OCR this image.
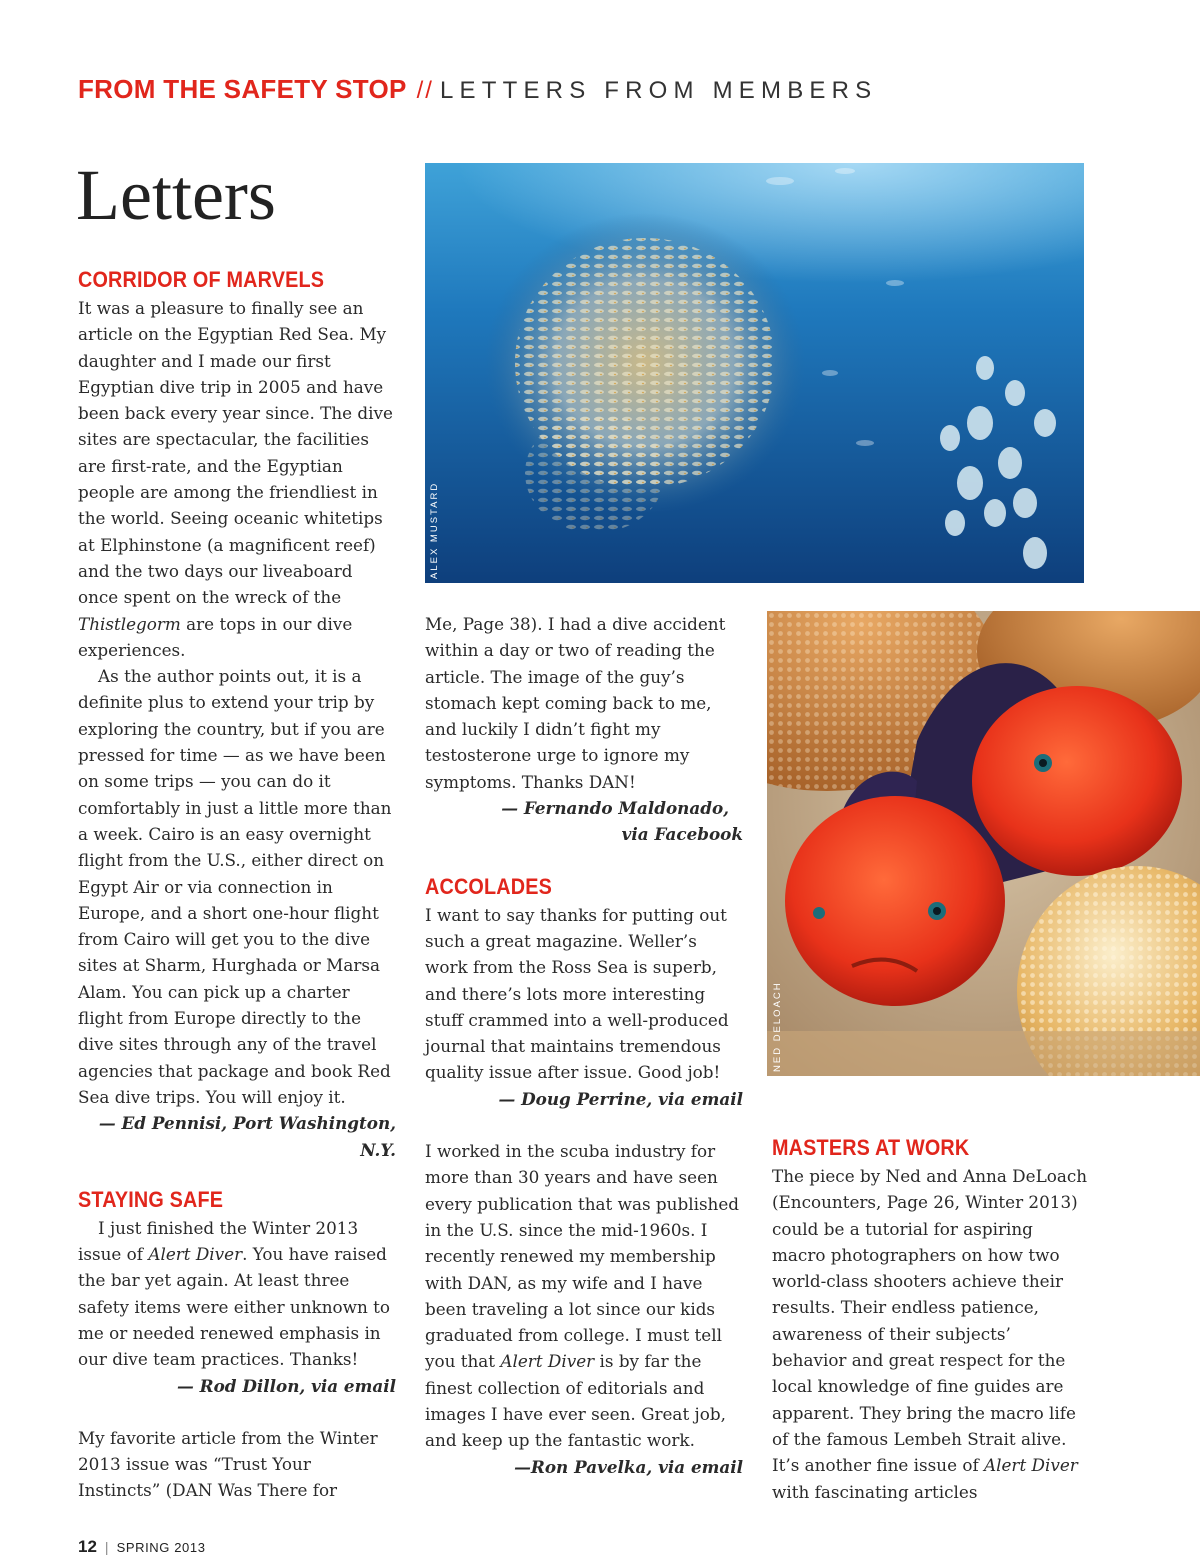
FROM THE SAFETY STOP // LETTERS FROM MEMBERS
Letters
ALEX MUSTARD
NED DELOACH
CORRIDOR OF MARVELS

It was a pleasure to finally see an article on the Egyptian Red Sea. My daughter and I made our first Egyptian dive trip in 2005 and have been back every year since. The dive sites are spectacular, the facilities are first-rate, and the Egyptian people are among the friendliest in the world. Seeing oceanic whitetips at Elphinstone (a magnificent reef) and the two days our liveaboard once spent on the wreck of the Thistlegorm are tops in our dive experiences.

As the author points out, it is a definite plus to extend your trip by exploring the country, but if you are pressed for time — as we have been on some trips — you can do it comfortably in just a little more than a week. Cairo is an easy overnight flight from the U.S., either direct on Egypt Air or via connection in Europe, and a short one-hour flight from Cairo will get you to the dive sites at Sharm, Hurghada or Marsa Alam. You can pick up a charter flight from Europe directly to the dive sites through any of the travel agencies that package and book Red Sea dive trips. You will enjoy it.

— Ed Pennisi, Port Washington, N.Y.

STAYING SAFE

I just finished the Winter 2013 issue of Alert Diver. You have raised the bar yet again. At least three safety items were either unknown to me or needed renewed emphasis in our dive team practices. Thanks!

— Rod Dillon, via email

My favorite article from the Winter 2013 issue was “Trust Your Instincts” (DAN Was There for

Me, Page 38). I had a dive accident within a day or two of reading the article. The image of the guy’s stomach kept coming back to me, and luckily I didn’t fight my testosterone urge to ignore my symptoms. Thanks DAN!

— Fernando Maldonado,

via Facebook

ACCOLADES

I want to say thanks for putting out such a great magazine. Weller’s work from the Ross Sea is superb, and there’s lots more interesting stuff crammed into a well-produced journal that maintains tremendous quality issue after issue. Good job!

— Doug Perrine, via email

I worked in the scuba industry for more than 30 years and have seen every publication that was published in the U.S. since the mid-1960s. I recently renewed my membership with DAN, as my wife and I have been traveling a lot since our kids graduated from college. I must tell you that Alert Diver is by far the finest collection of editorials and images I have ever seen. Great job, and keep up the fantastic work.

—Ron Pavelka, via email

MASTERS AT WORK

The piece by Ned and Anna DeLoach (Encounters, Page 26, Winter 2013) could be a tutorial for aspiring macro photographers on how two world-class shooters achieve their results. Their endless patience, awareness of their subjects’ behavior and great respect for the local knowledge of fine guides are apparent. They bring the macro life of the famous Lembeh Strait alive. It’s another fine issue of Alert Diver with fascinating articles

12 | SPRING 2013
